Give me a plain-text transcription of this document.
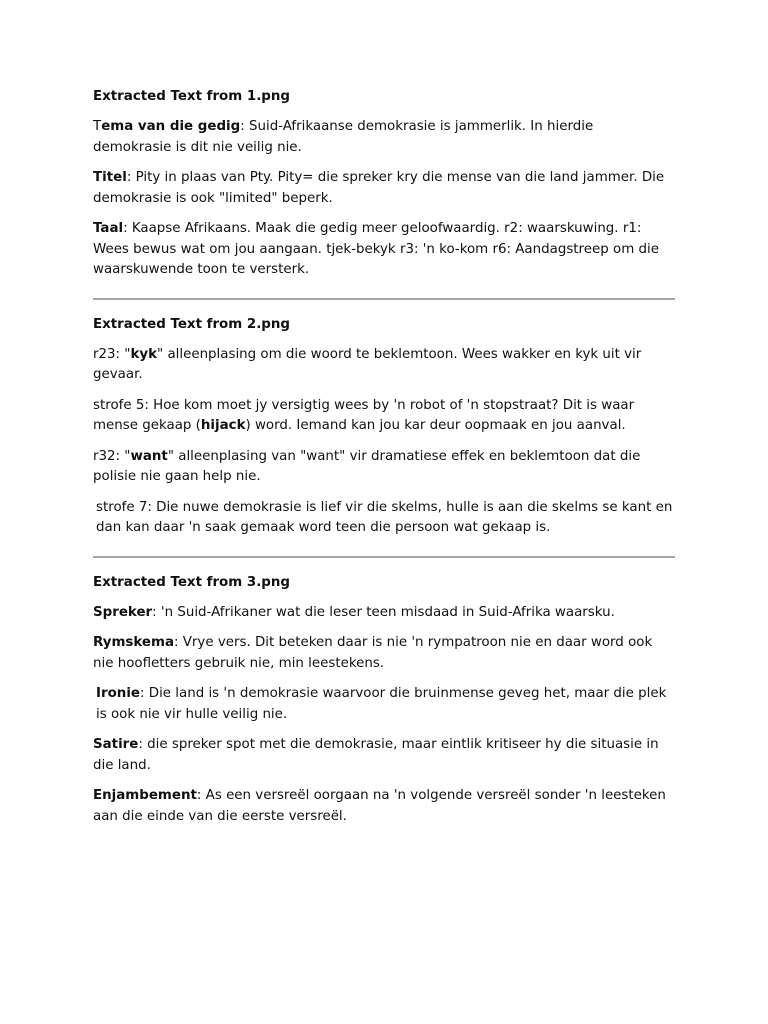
Extracted Text from 1.png

Tema van die gedig: Suid-Afrikaanse demokrasie is jammerlik. In hierdie demokrasie is dit nie veilig nie.

Titel: Pity in plaas van Pty. Pity= die spreker kry die mense van die land jammer. Die demokrasie is ook "limited" beperk.

Taal: Kaapse Afrikaans. Maak die gedig meer geloofwaardig. r2: waarskuwing. r1: Wees bewus wat om jou aangaan. tjek-bekyk r3: 'n ko-kom r6: Aandagstreep om die waarskuwende toon te versterk.

Extracted Text from 2.png

r23: "kyk" alleenplasing om die woord te beklemtoon. Wees wakker en kyk uit vir gevaar.

strofe 5: Hoe kom moet jy versigtig wees by 'n robot of 'n stopstraat? Dit is waar mense gekaap (hijack) word. Iemand kan jou kar deur oopmaak en jou aanval.

r32: "want" alleenplasing van "want" vir dramatiese effek en beklemtoon dat die polisie nie gaan help nie.

strofe 7: Die nuwe demokrasie is lief vir die skelms, hulle is aan die skelms se kant en dan kan daar 'n saak gemaak word teen die persoon wat gekaap is.

Extracted Text from 3.png

Spreker: 'n Suid-Afrikaner wat die leser teen misdaad in Suid-Afrika waarsku.

Rymskema: Vrye vers. Dit beteken daar is nie 'n rympatroon nie en daar word ook nie hoofletters gebruik nie, min leestekens.

Ironie: Die land is 'n demokrasie waarvoor die bruinmense geveg het, maar die plek is ook nie vir hulle veilig nie.

Satire: die spreker spot met die demokrasie, maar eintlik kritiseer hy die situasie in die land.

Enjambement: As een versreël oorgaan na 'n volgende versreël sonder 'n leesteken aan die einde van die eerste versreël.
